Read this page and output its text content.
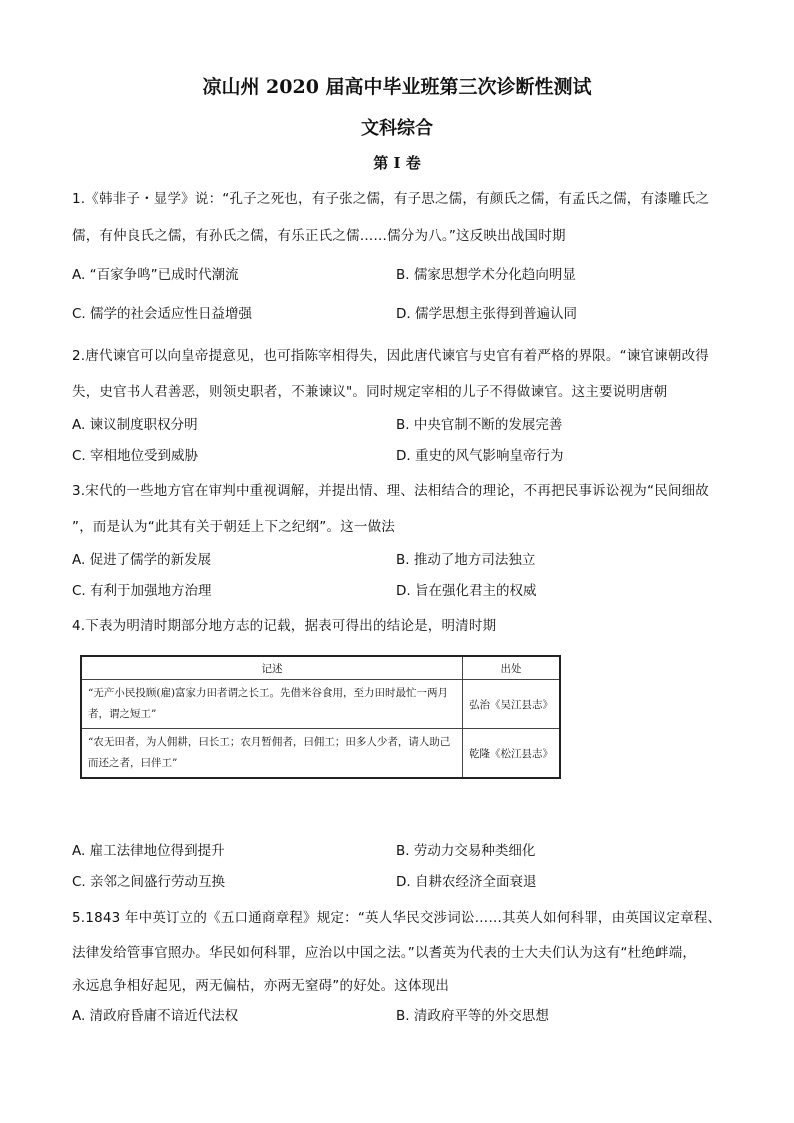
凉山州 2020 届高中毕业班第三次诊断性测试
文科综合
第 I 卷
1.《韩非子・显学》说：“孔子之死也，有子张之儒，有子思之儒，有颜氏之儒，有孟氏之儒，有漆雕氏之
儒，有仲良氏之儒，有孙氏之儒，有乐正氏之儒……儒分为八。”这反映出战国时期
A. “百家争鸣”已成时代潮流	B. 儒家思想学术分化趋向明显
C. 儒学的社会适应性日益增强	D. 儒学思想主张得到普遍认同
2.唐代谏官可以向皇帝提意见，也可指陈宰相得失，因此唐代谏官与史官有着严格的界限。“谏官谏朝改得
失，史官书人君善恶，则领史职者，不兼谏议"。同时规定宰相的儿子不得做谏官。这主要说明唐朝
A. 谏议制度职权分明	B. 中央官制不断的发展完善
C. 宰相地位受到威胁	D. 重史的风气影响皇帝行为
3.宋代的一些地方官在审判中重视调解，并提出情、理、法相结合的理论，不再把民事诉讼视为“民间细故
”，而是认为“此其有关于朝廷上下之纪纲”。这一做法
A. 促进了儒学的新发展	B. 推动了地方司法独立
C. 有利于加强地方治理	D. 旨在强化君主的权威
4.下表为明清时期部分地方志的记载，据表可得出的结论是，明清时期
记述	出处
“无产小民投顾(雇)富家力田者谓之长工。先借米谷食用，至力田时最忙一两月者，谓之短工”	弘治《吴江县志》
“农无田者，为人佣耕，曰长工；农月暂佣者，曰佣工；田多人少者，请人助己而还之者，曰伴工”	乾隆《松江县志》
A. 雇工法律地位得到提升	B. 劳动力交易种类细化
C. 亲邻之间盛行劳动互换	D. 自耕农经济全面衰退
5.1843 年中英订立的《五口通商章程》规定：“英人华民交涉词讼……其英人如何科罪，由英国议定章程、
法律发给管事官照办。华民如何科罪，应治以中国之法。”以耆英为代表的士大夫们认为这有“杜绝衅端，
永远息争相好起见，两无偏枯，亦两无窒碍”的好处。这体现出
A. 清政府昏庸不谙近代法权	B. 清政府平等的外交思想
